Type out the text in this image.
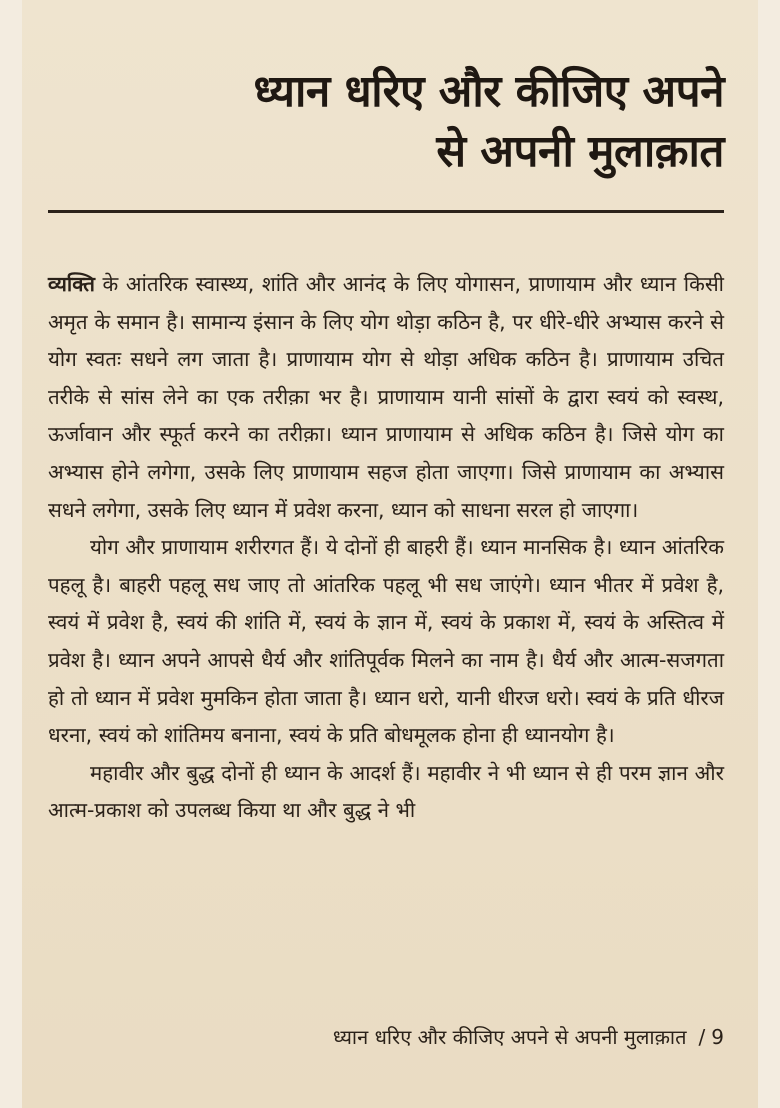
ध्यान धरिए और कीजिए अपने
से अपनी मुलाक़ात

व्यक्ति के आंतरिक स्वास्थ्य, शांति और आनंद के लिए योगासन, प्राणायाम और ध्यान किसी अमृत के समान है। सामान्य इंसान के लिए योग थोड़ा कठिन है, पर धीरे-धीरे अभ्यास करने से योग स्वतः सधने लग जाता है। प्राणायाम योग से थोड़ा अधिक कठिन है। प्राणायाम उचित तरीके से सांस लेने का एक तरीक़ा भर है। प्राणायाम यानी सांसों के द्वारा स्वयं को स्वस्थ, ऊर्जावान और स्फूर्त करने का तरीक़ा। ध्यान प्राणायाम से अधिक कठिन है। जिसे योग का अभ्यास होने लगेगा, उसके लिए प्राणायाम सहज होता जाएगा। जिसे प्राणायाम का अभ्यास सधने लगेगा, उसके लिए ध्यान में प्रवेश करना, ध्यान को साधना सरल हो जाएगा।

योग और प्राणायाम शरीरगत हैं। ये दोनों ही बाहरी हैं। ध्यान मानसिक है। ध्यान आंतरिक पहलू है। बाहरी पहलू सध जाए तो आंतरिक पहलू भी सध जाएंगे। ध्यान भीतर में प्रवेश है, स्वयं में प्रवेश है, स्वयं की शांति में, स्वयं के ज्ञान में, स्वयं के प्रकाश में, स्वयं के अस्तित्व में प्रवेश है। ध्यान अपने आपसे धैर्य और शांतिपूर्वक मिलने का नाम है। धैर्य और आत्म-सजगता हो तो ध्यान में प्रवेश मुमकिन होता जाता है। ध्यान धरो, यानी धीरज धरो। स्वयं के प्रति धीरज धरना, स्वयं को शांतिमय बनाना, स्वयं के प्रति बोधमूलक होना ही ध्यानयोग है।

महावीर और बुद्ध दोनों ही ध्यान के आदर्श हैं। महावीर ने भी ध्यान से ही परम ज्ञान और आत्म-प्रकाश को उपलब्ध किया था और बुद्ध ने भी

ध्यान धरिए और कीजिए अपने से अपनी मुलाक़ात / 9
